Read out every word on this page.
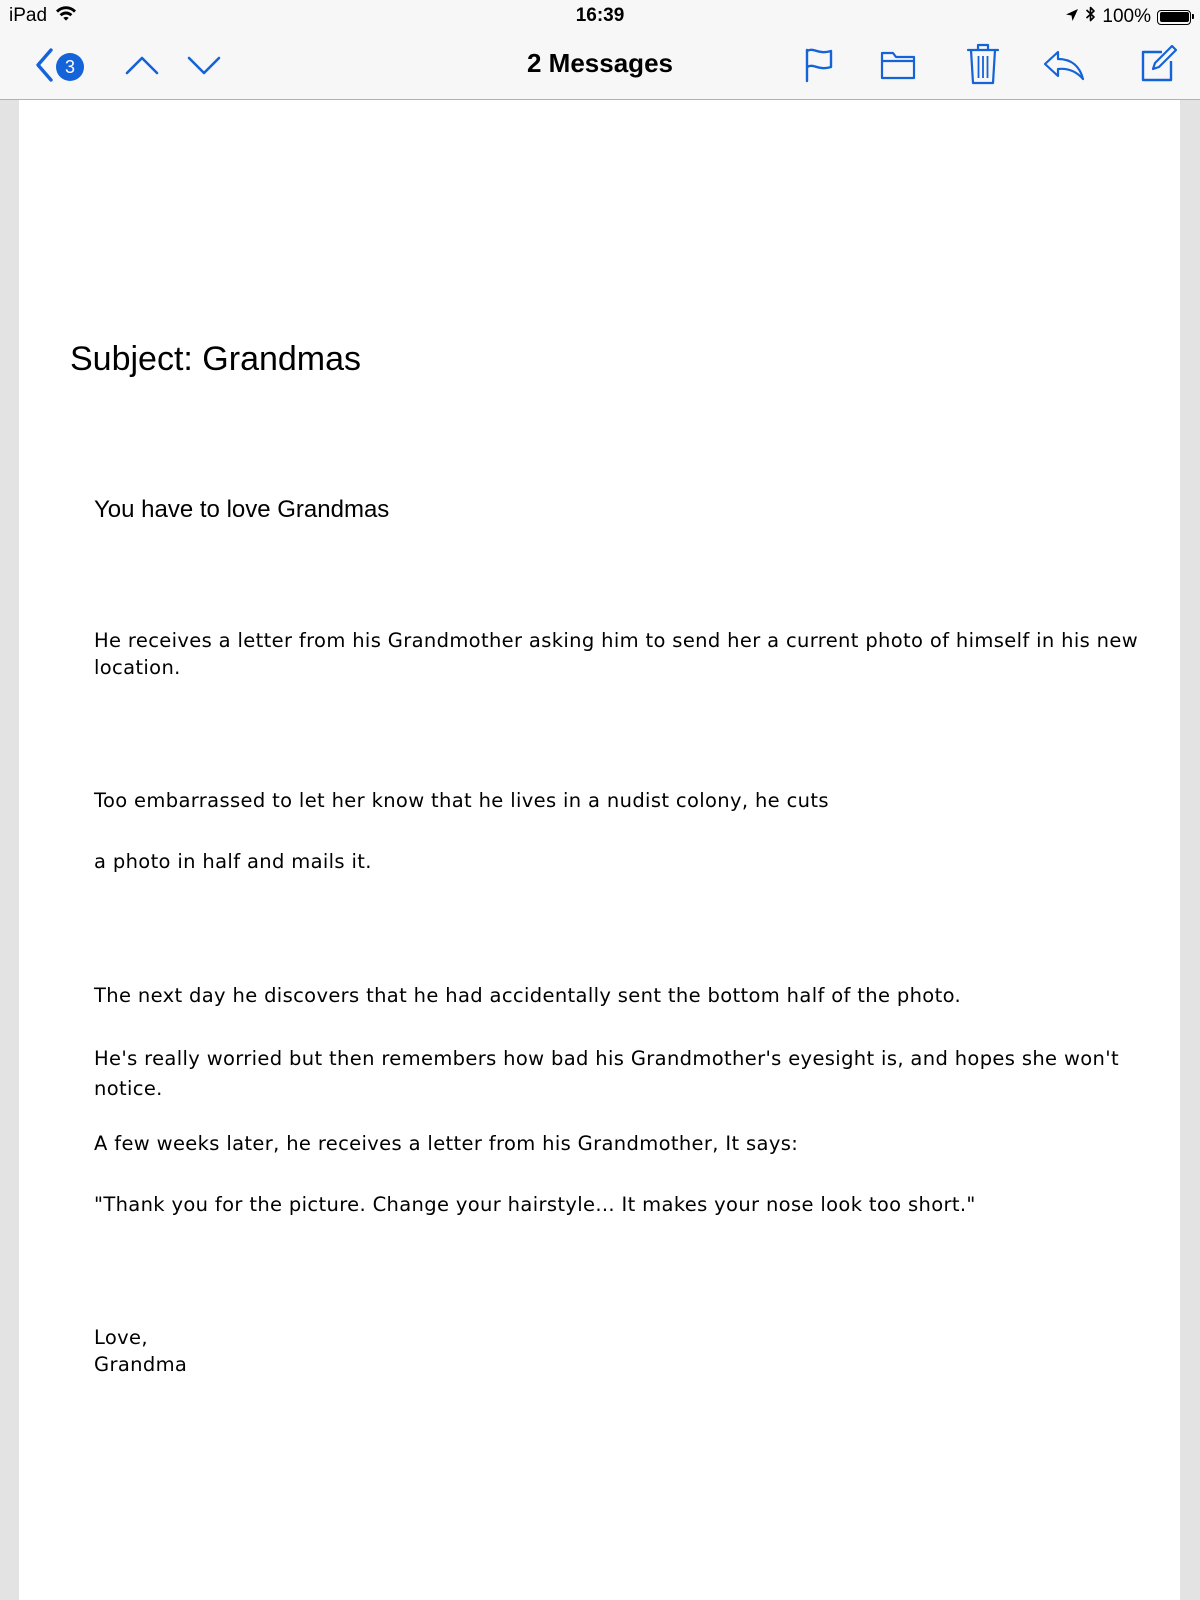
iPad	16:39	100%
3	2 Messages
Subject: Grandmas

You have to love Grandmas

He receives a letter from his Grandmother asking him to send her a current photo of himself in his new location.

Too embarrassed to let her know that he lives in a nudist colony, he cuts

a photo in half and mails it.

The next day he discovers that he had accidentally sent the bottom half of the photo.

He's really worried but then remembers how bad his Grandmother's eyesight is, and hopes she won't notice.

A few weeks later, he receives a letter from his Grandmother, It says:

"Thank you for the picture. Change your hairstyle... It makes your nose look too short."

Love,

Grandma
